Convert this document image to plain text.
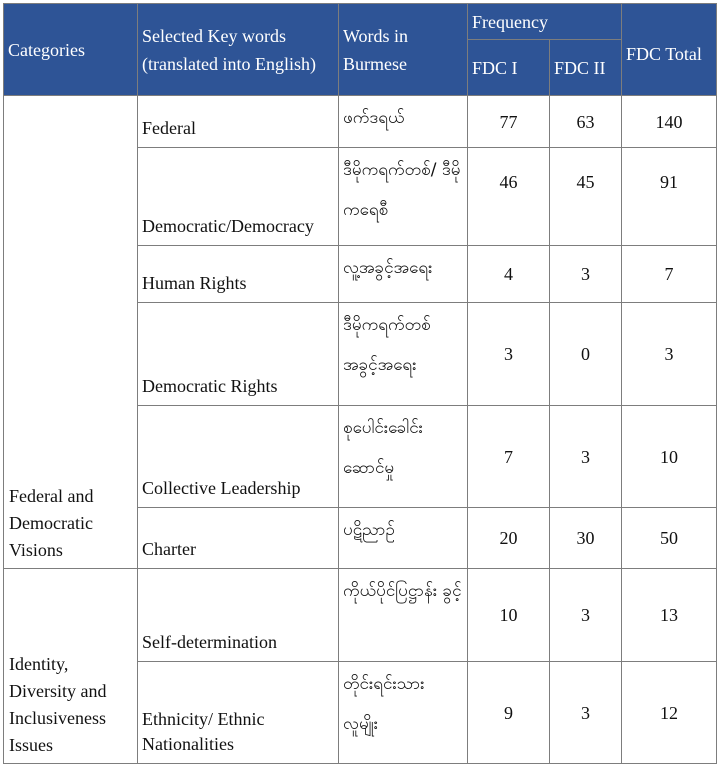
Categories	Selected Key words (translated into English)	Words in Burmese	Frequency		FDC Total
			FDC I	FDC II	
Federal and Democratic Visions	Federal	ဖက်ဒရယ်	77	63	140
	Democratic/Democracy	ဒီမိုကရက်တစ်/ ဒီမိုကရေစီ	46	45	91
	Human Rights	လူ့အခွင့်အရေး	4	3	7
	Democratic Rights	ဒီမိုကရက်တစ် အခွင့်အရေး	3	0	3
	Collective Leadership	စုပေါင်းခေါင်း ဆောင်မှု	7	3	10
	Charter	ပဋိညာဉ်	20	30	50
Identity, Diversity and Inclusiveness Issues	Self-determination	ကိုယ်ပိုင်ပြဋ္ဌာန်း ခွင့်	10	3	13
	Ethnicity/ Ethnic Nationalities	တိုင်းရင်းသား လူမျိုး	9	3	12
